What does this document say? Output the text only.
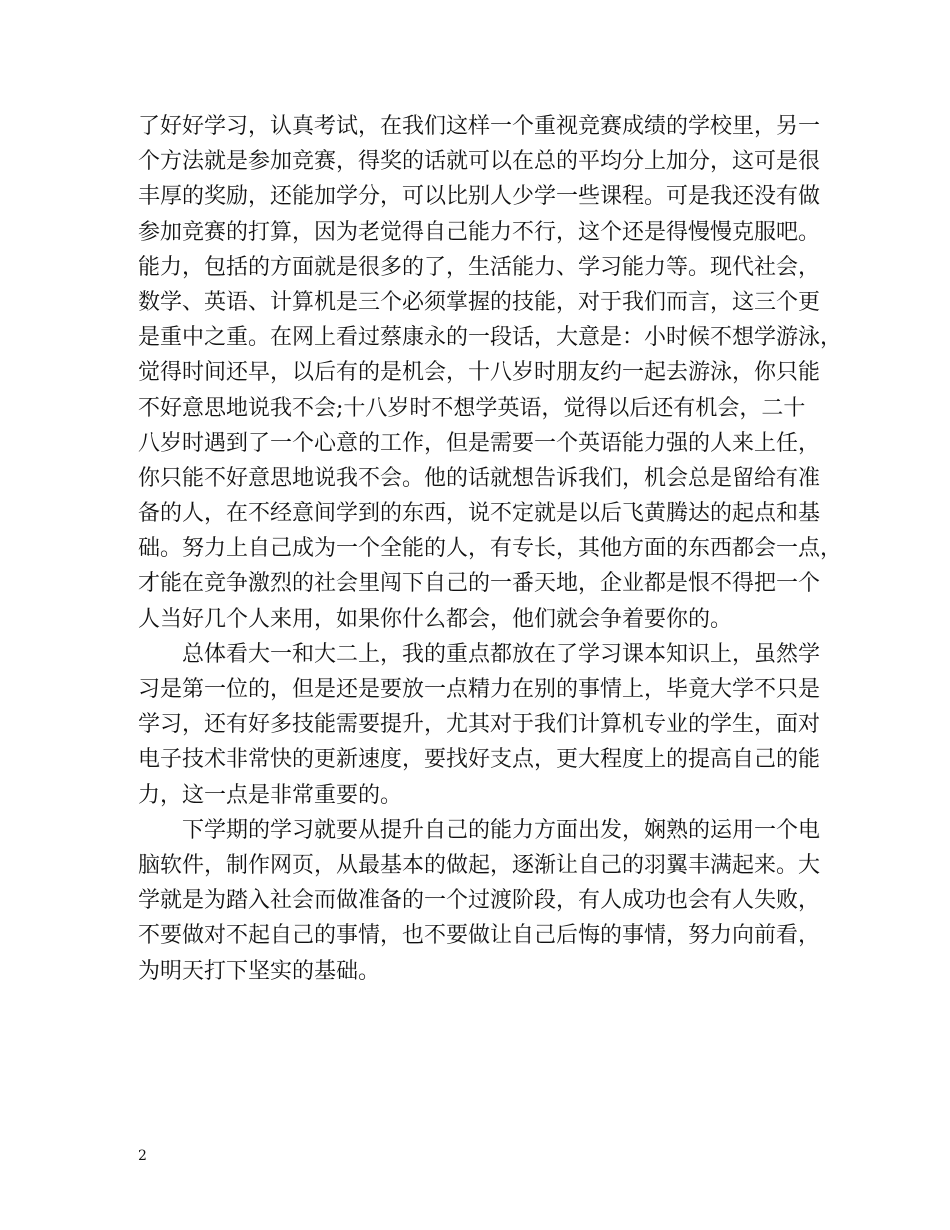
了好好学习，认真考试，在我们这样一个重视竞赛成绩的学校里，另一
个方法就是参加竞赛，得奖的话就可以在总的平均分上加分，这可是很
丰厚的奖励，还能加学分，可以比别人少学一些课程。可是我还没有做
参加竞赛的打算，因为老觉得自己能力不行，这个还是得慢慢克服吧。
能力，包括的方面就是很多的了，生活能力、学习能力等。现代社会，
数学、英语、计算机是三个必须掌握的技能，对于我们而言，这三个更
是重中之重。在网上看过蔡康永的一段话，大意是：小时候不想学游泳，
觉得时间还早，以后有的是机会，十八岁时朋友约一起去游泳，你只能
不好意思地说我不会;十八岁时不想学英语，觉得以后还有机会，二十
八岁时遇到了一个心意的工作，但是需要一个英语能力强的人来上任，
你只能不好意思地说我不会。他的话就想告诉我们，机会总是留给有准
备的人，在不经意间学到的东西，说不定就是以后飞黄腾达的起点和基
础。努力上自己成为一个全能的人，有专长，其他方面的东西都会一点，
才能在竞争激烈的社会里闯下自己的一番天地，企业都是恨不得把一个
人当好几个人来用，如果你什么都会，他们就会争着要你的。
总体看大一和大二上，我的重点都放在了学习课本知识上，虽然学
习是第一位的，但是还是要放一点精力在别的事情上，毕竟大学不只是
学习，还有好多技能需要提升，尤其对于我们计算机专业的学生，面对
电子技术非常快的更新速度，要找好支点，更大程度上的提高自己的能
力，这一点是非常重要的。
下学期的学习就要从提升自己的能力方面出发，娴熟的运用一个电
脑软件，制作网页，从最基本的做起，逐渐让自己的羽翼丰满起来。大
学就是为踏入社会而做准备的一个过渡阶段，有人成功也会有人失败，
不要做对不起自己的事情，也不要做让自己后悔的事情，努力向前看，
为明天打下坚实的基础。
2
